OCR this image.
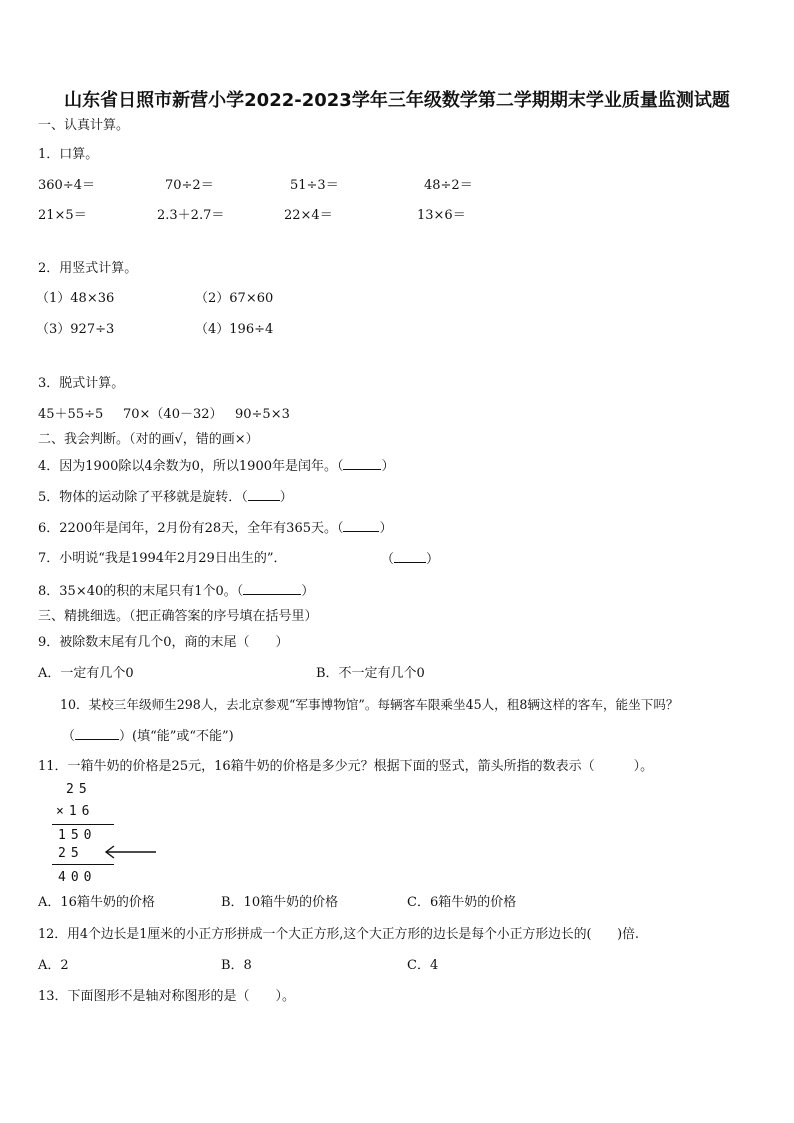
山东省日照市新营小学2022-2023学年三年级数学第二学期期末学业质量监测试题
一、认真计算。
1．口算。
360÷4＝	70÷2＝	51÷3＝	48÷2＝
21×5＝	2.3＋2.7＝	22×4＝	13×6＝
2．用竖式计算。
（1）48×36	（2）67×60
（3）927÷3	（4）196÷4
3．脱式计算。
45＋55÷5 70×（40－32） 90÷5×3
二、我会判断。（对的画√，错的画×）
4．因为1900除以4余数为0，所以1900年是闰年。（	）
5．物体的运动除了平移就是旋转．（ ）
6．2200年是闰年，2月份有28天，全年有365天。（	）
7．小明说“我是1994年2月29日出生的”．	（ ）
8．35×40的积的末尾只有1个0。（	）
三、精挑细选。（把正确答案的序号填在括号里）
9．被除数末尾有几个0，商的末尾（　　）
A．一定有几个0	B．不一定有几个0
10．某校三年级师生298人，去北京参观“军事博物馆”。每辆客车限乘坐45人，租8辆这样的客车，能坐下吗？
（	）(填“能”或“不能”)
11．一箱牛奶的价格是25元，16箱牛奶的价格是多少元？根据下面的竖式，箭头所指的数表示（　　　）。
25
×16
150
25
400
A．16箱牛奶的价格	B．10箱牛奶的价格	C．6箱牛奶的价格
12．用4个边长是1厘米的小正方形拼成一个大正方形,这个大正方形的边长是每个小正方形边长的(　　)倍.
A．2	B．8	C．4
13．下面图形不是轴对称图形的是（　　）。
